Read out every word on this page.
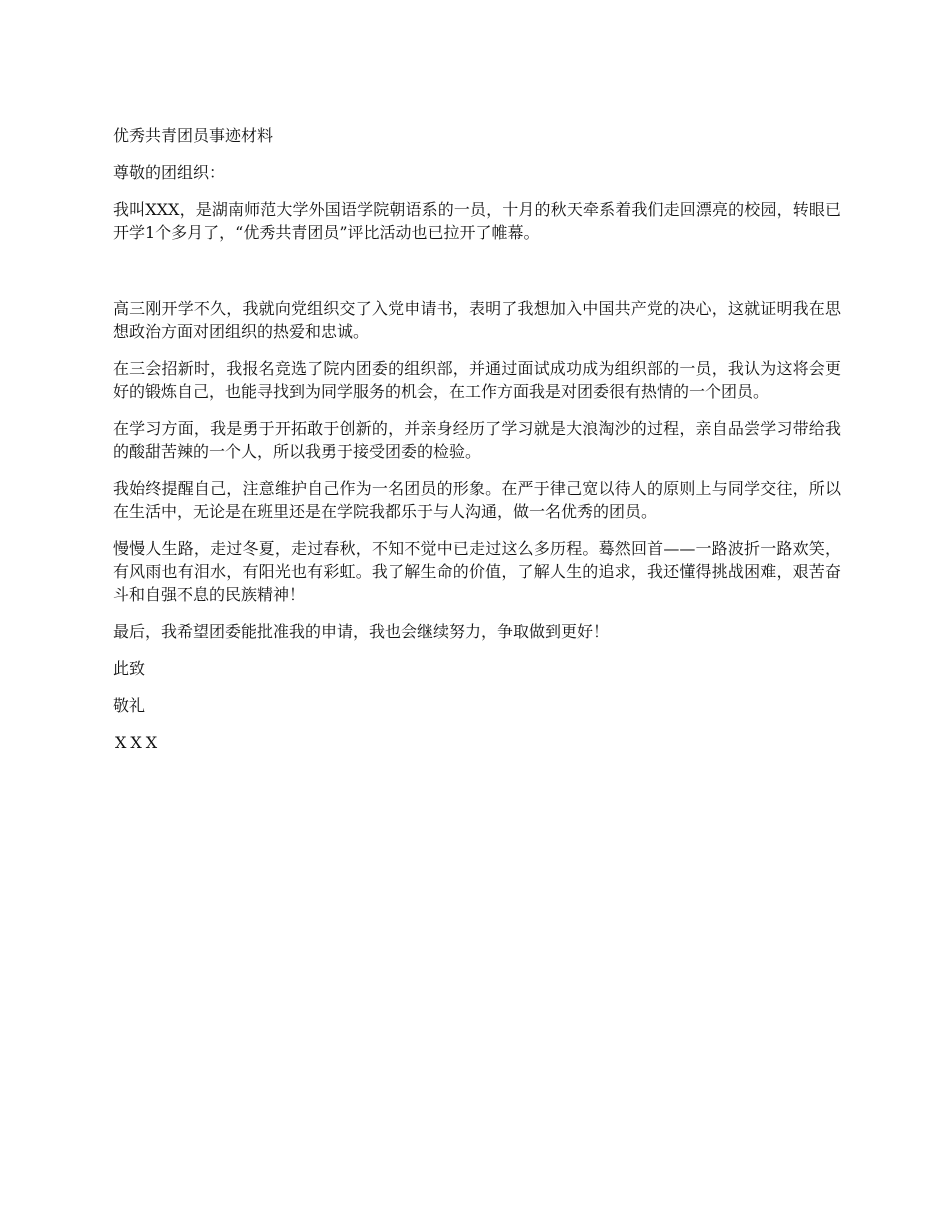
优秀共青团员事迹材料

尊敬的团组织：

我叫XXX，是湖南师范大学外国语学院朝语系的一员，十月的秋天牵系着我们走回漂亮的校园，转眼已开学1个多月了，“优秀共青团员”评比活动也已拉开了帷幕。

高三刚开学不久，我就向党组织交了入党申请书，表明了我想加入中国共产党的决心，这就证明我在思想政治方面对团组织的热爱和忠诚。

在三会招新时，我报名竞选了院内团委的组织部，并通过面试成功成为组织部的一员，我认为这将会更好的锻炼自己，也能寻找到为同学服务的机会，在工作方面我是对团委很有热情的一个团员。

在学习方面，我是勇于开拓敢于创新的，并亲身经历了学习就是大浪淘沙的过程，亲自品尝学习带给我的酸甜苦辣的一个人，所以我勇于接受团委的检验。

我始终提醒自己，注意维护自己作为一名团员的形象。在严于律己宽以待人的原则上与同学交往，所以在生活中，无论是在班里还是在学院我都乐于与人沟通，做一名优秀的团员。

慢慢人生路，走过冬夏，走过春秋，不知不觉中已走过这么多历程。蓦然回首——一路波折一路欢笑，有风雨也有泪水，有阳光也有彩虹。我了解生命的价值，了解人生的追求，我还懂得挑战困难，艰苦奋斗和自强不息的民族精神！

最后，我希望团委能批准我的申请，我也会继续努力，争取做到更好！

此致

敬礼

XXX
